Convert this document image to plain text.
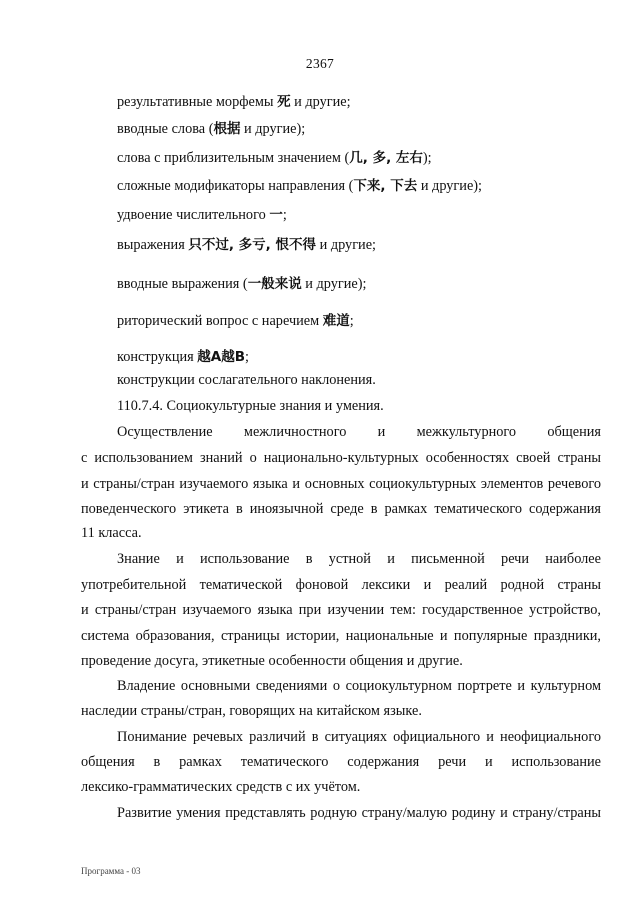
2367
результативные морфемы 死 и другие;
вводные слова (根据 и другие);
слова с приблизительным значением (几, 多, 左右);
сложные модификаторы направления (下来, 下去 и другие);
удвоение числительного 一;
выражения 只不过, 多亏, 恨不得 и другие;
вводные выражения (一般来说 и другие);
риторический вопрос с наречием 难道;
конструкция 越A越B;
конструкции сослагательного наклонения.
110.7.4. Социокультурные знания и умения.
Осуществление межличностного и межкультурного общения
с использованием знаний о национально-культурных особенностях своей страны
и страны/стран изучаемого языка и основных социокультурных элементов речевого
поведенческого этикета в иноязычной среде в рамках тематического содержания
11 класса.
Знание и использование в устной и письменной речи наиболее
употребительной тематической фоновой лексики и реалий родной страны
и страны/стран изучаемого языка при изучении тем: государственное устройство,
система образования, страницы истории, национальные и популярные праздники,
проведение досуга, этикетные особенности общения и другие.
Владение основными сведениями о социокультурном портрете и культурном
наследии страны/стран, говорящих на китайском языке.
Понимание речевых различий в ситуациях официального и неофициального
общения в рамках тематического содержания речи и использование
лексико-грамматических средств с их учётом.
Развитие умения представлять родную страну/малую родину и страну/страны
Программа - 03
